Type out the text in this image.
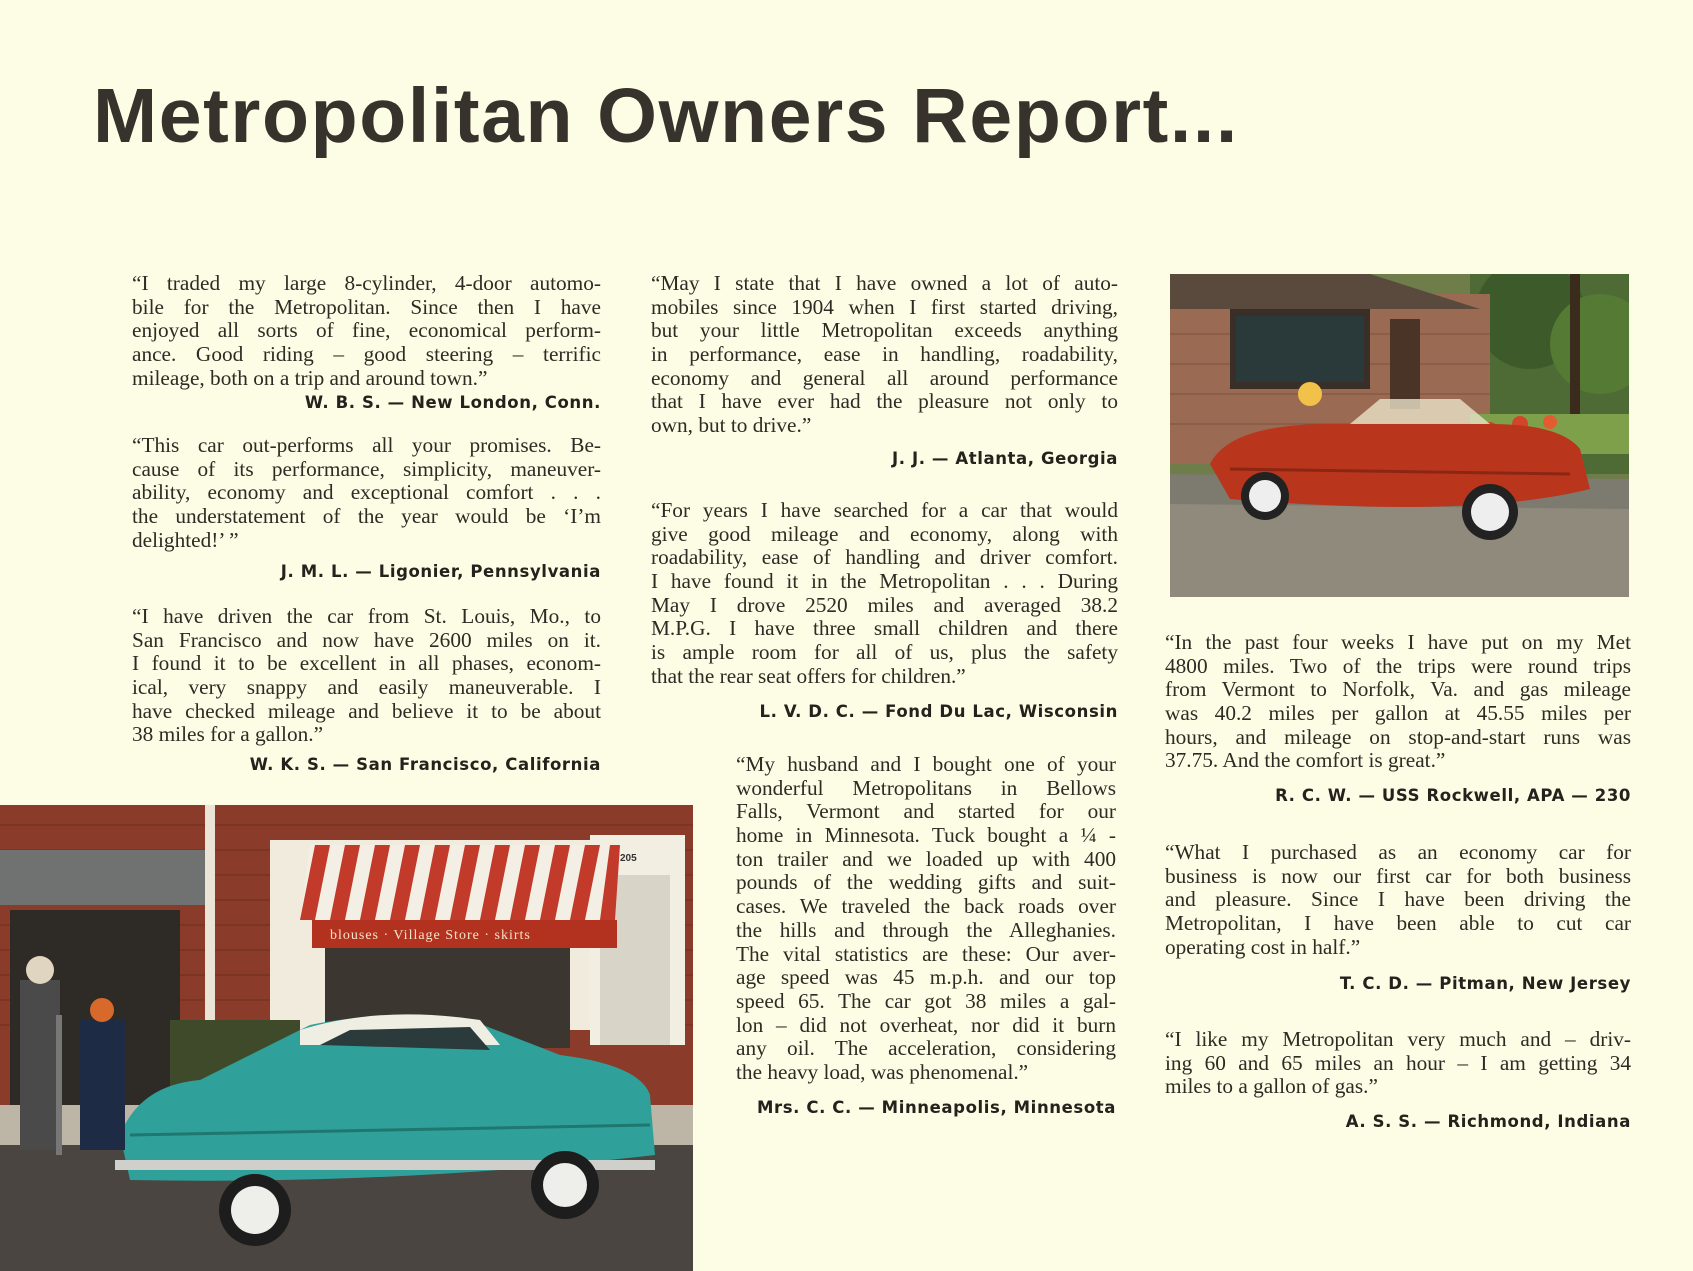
Metropolitan Owners Report...
blouses · Village Store · skirts
205
“I traded my large 8-cylinder, 4-door automo-
bile for the Metropolitan. Since then I have
enjoyed all sorts of fine, economical perform-
ance. Good riding – good steering – terrific
mileage, both on a trip and around town.”
W. B. S. — New London, Conn.
“This car out-performs all your promises. Be-
cause of its performance, simplicity, maneuver-
ability, economy and exceptional comfort . . .
the understatement of the year would be ‘I’m
delighted!’ ”
J. M. L. — Ligonier, Pennsylvania
“I have driven the car from St. Louis, Mo., to
San Francisco and now have 2600 miles on it.
I found it to be excellent in all phases, econom-
ical, very snappy and easily maneuverable. I
have checked mileage and believe it to be about
38 miles for a gallon.”
W. K. S. — San Francisco, California
“May I state that I have owned a lot of auto-
mobiles since 1904 when I first started driving,
but your little Metropolitan exceeds anything
in performance, ease in handling, roadability,
economy and general all around performance
that I have ever had the pleasure not only to
own, but to drive.”
J. J. — Atlanta, Georgia
“For years I have searched for a car that would
give good mileage and economy, along with
roadability, ease of handling and driver comfort.
I have found it in the Metropolitan . . . During
May I drove 2520 miles and averaged 38.2
M.P.G. I have three small children and there
is ample room for all of us, plus the safety
that the rear seat offers for children.”
L. V. D. C. — Fond Du Lac, Wisconsin
“My husband and I bought one of your
wonderful Metropolitans in Bellows
Falls, Vermont and started for our
home in Minnesota. Tuck bought a ¼ -
ton trailer and we loaded up with 400
pounds of the wedding gifts and suit-
cases. We traveled the back roads over
the hills and through the Alleghanies.
The vital statistics are these: Our aver-
age speed was 45 m.p.h. and our top
speed 65. The car got 38 miles a gal-
lon – did not overheat, nor did it burn
any oil. The acceleration, considering
the heavy load, was phenomenal.”
Mrs. C. C. — Minneapolis, Minnesota
“In the past four weeks I have put on my Met
4800 miles. Two of the trips were round trips
from Vermont to Norfolk, Va. and gas mileage
was 40.2 miles per gallon at 45.55 miles per
hours, and mileage on stop-and-start runs was
37.75. And the comfort is great.”
R. C. W. — USS Rockwell, APA — 230
“What I purchased as an economy car for
business is now our first car for both business
and pleasure. Since I have been driving the
Metropolitan, I have been able to cut car
operating cost in half.”
T. C. D. — Pitman, New Jersey
“I like my Metropolitan very much and – driv-
ing 60 and 65 miles an hour – I am getting 34
miles to a gallon of gas.”
A. S. S. — Richmond, Indiana
